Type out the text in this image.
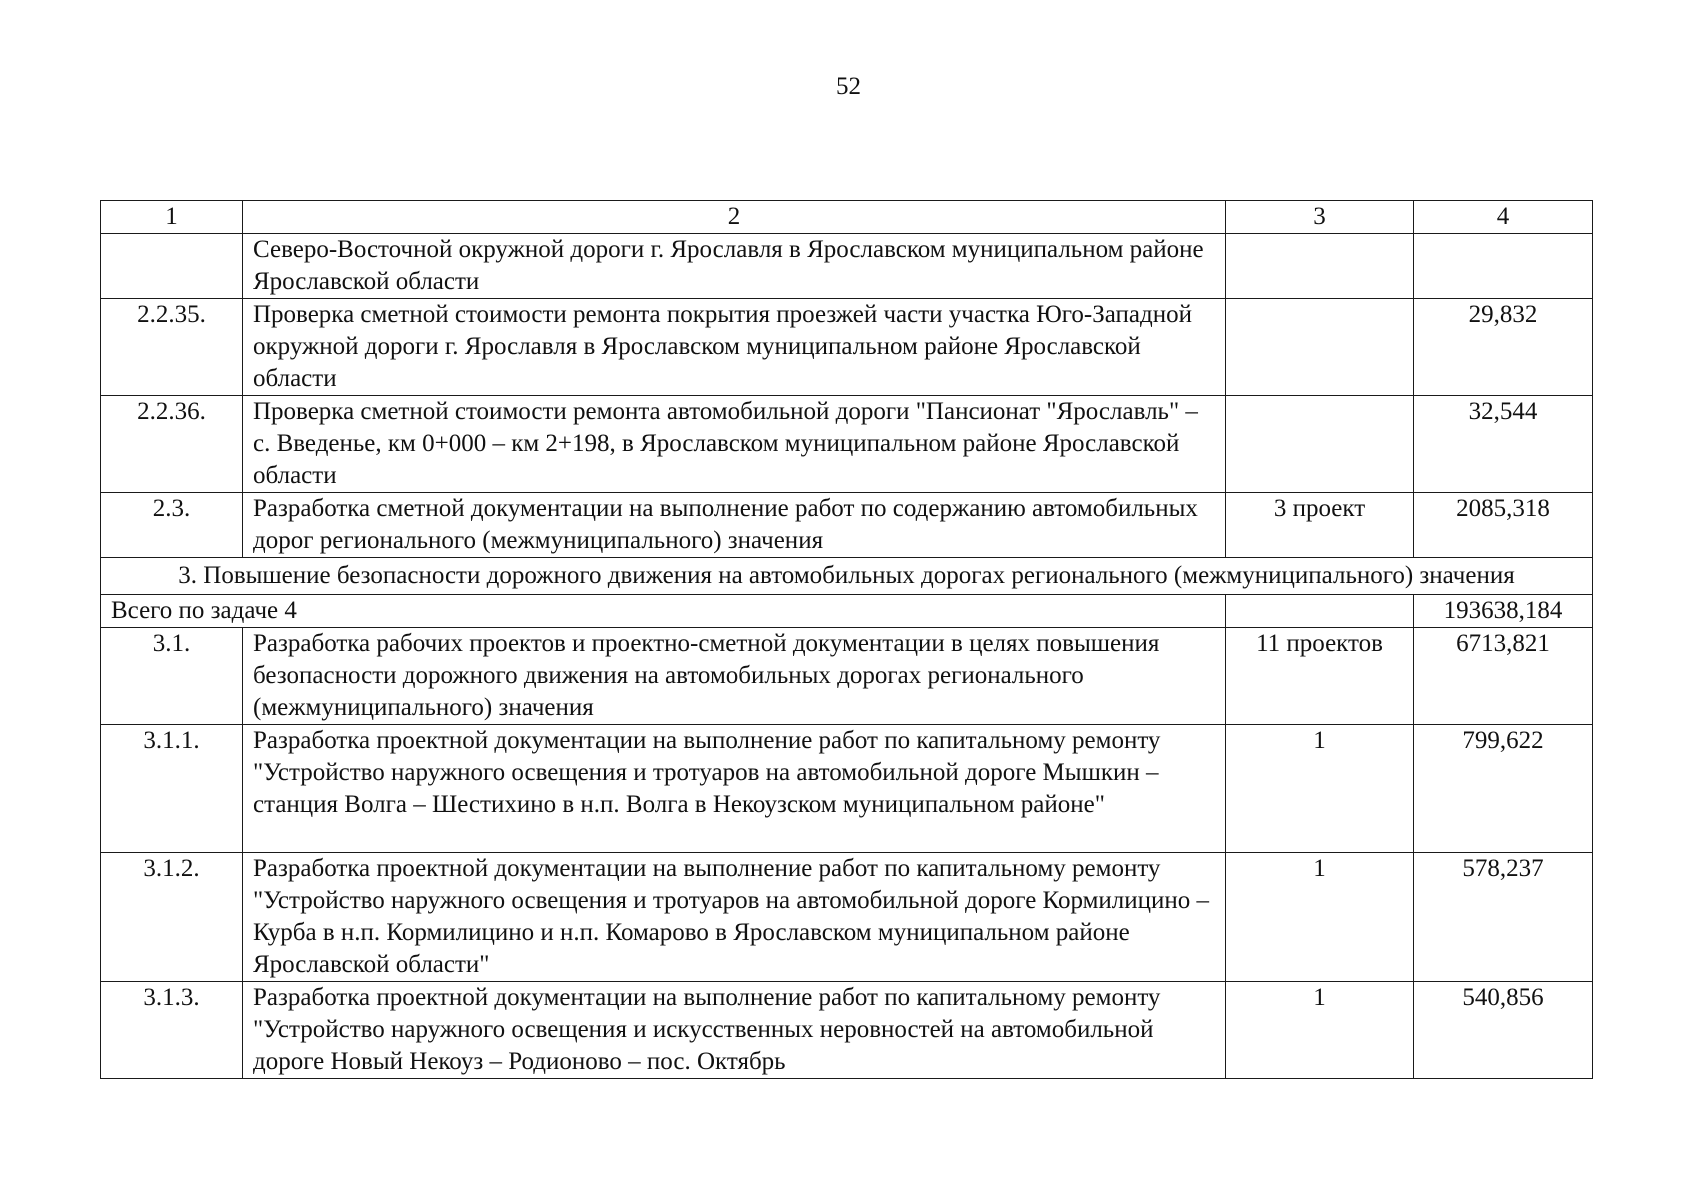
52
1	2	3	4
	Северо-Восточной окружной дороги г. Ярославля в Ярославском муниципальном районе Ярославской области		
2.2.35.	Проверка сметной стоимости ремонта покрытия проезжей части участка Юго-Западной окружной дороги г. Ярославля в Ярославском муниципальном районе Ярославской области		29,832
2.2.36.	Проверка сметной стоимости ремонта автомобильной дороги "Пансионат "Ярославль" – с. Введенье, км 0+000 – км 2+198, в Ярославском муниципальном районе Ярославской области		32,544
2.3.	Разработка сметной документации на выполнение работ по содержанию автомобильных дорог регионального (межмуниципального) значения	3 проект	2085,318
3. Повышение безопасности дорожного движения на автомобильных дорогах регионального (межмуниципального) значения			
Всего по задаче 4			193638,184
3.1.	Разработка рабочих проектов и проектно-сметной документации в целях повышения безопасности дорожного движения на автомобильных дорогах регионального (межмуниципального) значения	11 проектов	6713,821
3.1.1.	Разработка проектной документации на выполнение работ по капитальному ремонту "Устройство наружного освещения и тротуаров на автомобильной дороге Мышкин – станция Волга – Шестихино в н.п. Волга в Некоузском муниципальном районе"	1	799,622
3.1.2.	Разработка проектной документации на выполнение работ по капитальному ремонту "Устройство наружного освещения и тротуаров на автомобильной дороге Кормилицино – Курба в н.п. Кормилицино и н.п. Комарово в Ярославском муниципальном районе Ярославской области"	1	578,237
3.1.3.	Разработка проектной документации на выполнение работ по капитальному ремонту "Устройство наружного освещения и искусственных неровностей на автомобильной дороге Новый Некоуз – Родионово – пос. Октябрь	1	540,856
